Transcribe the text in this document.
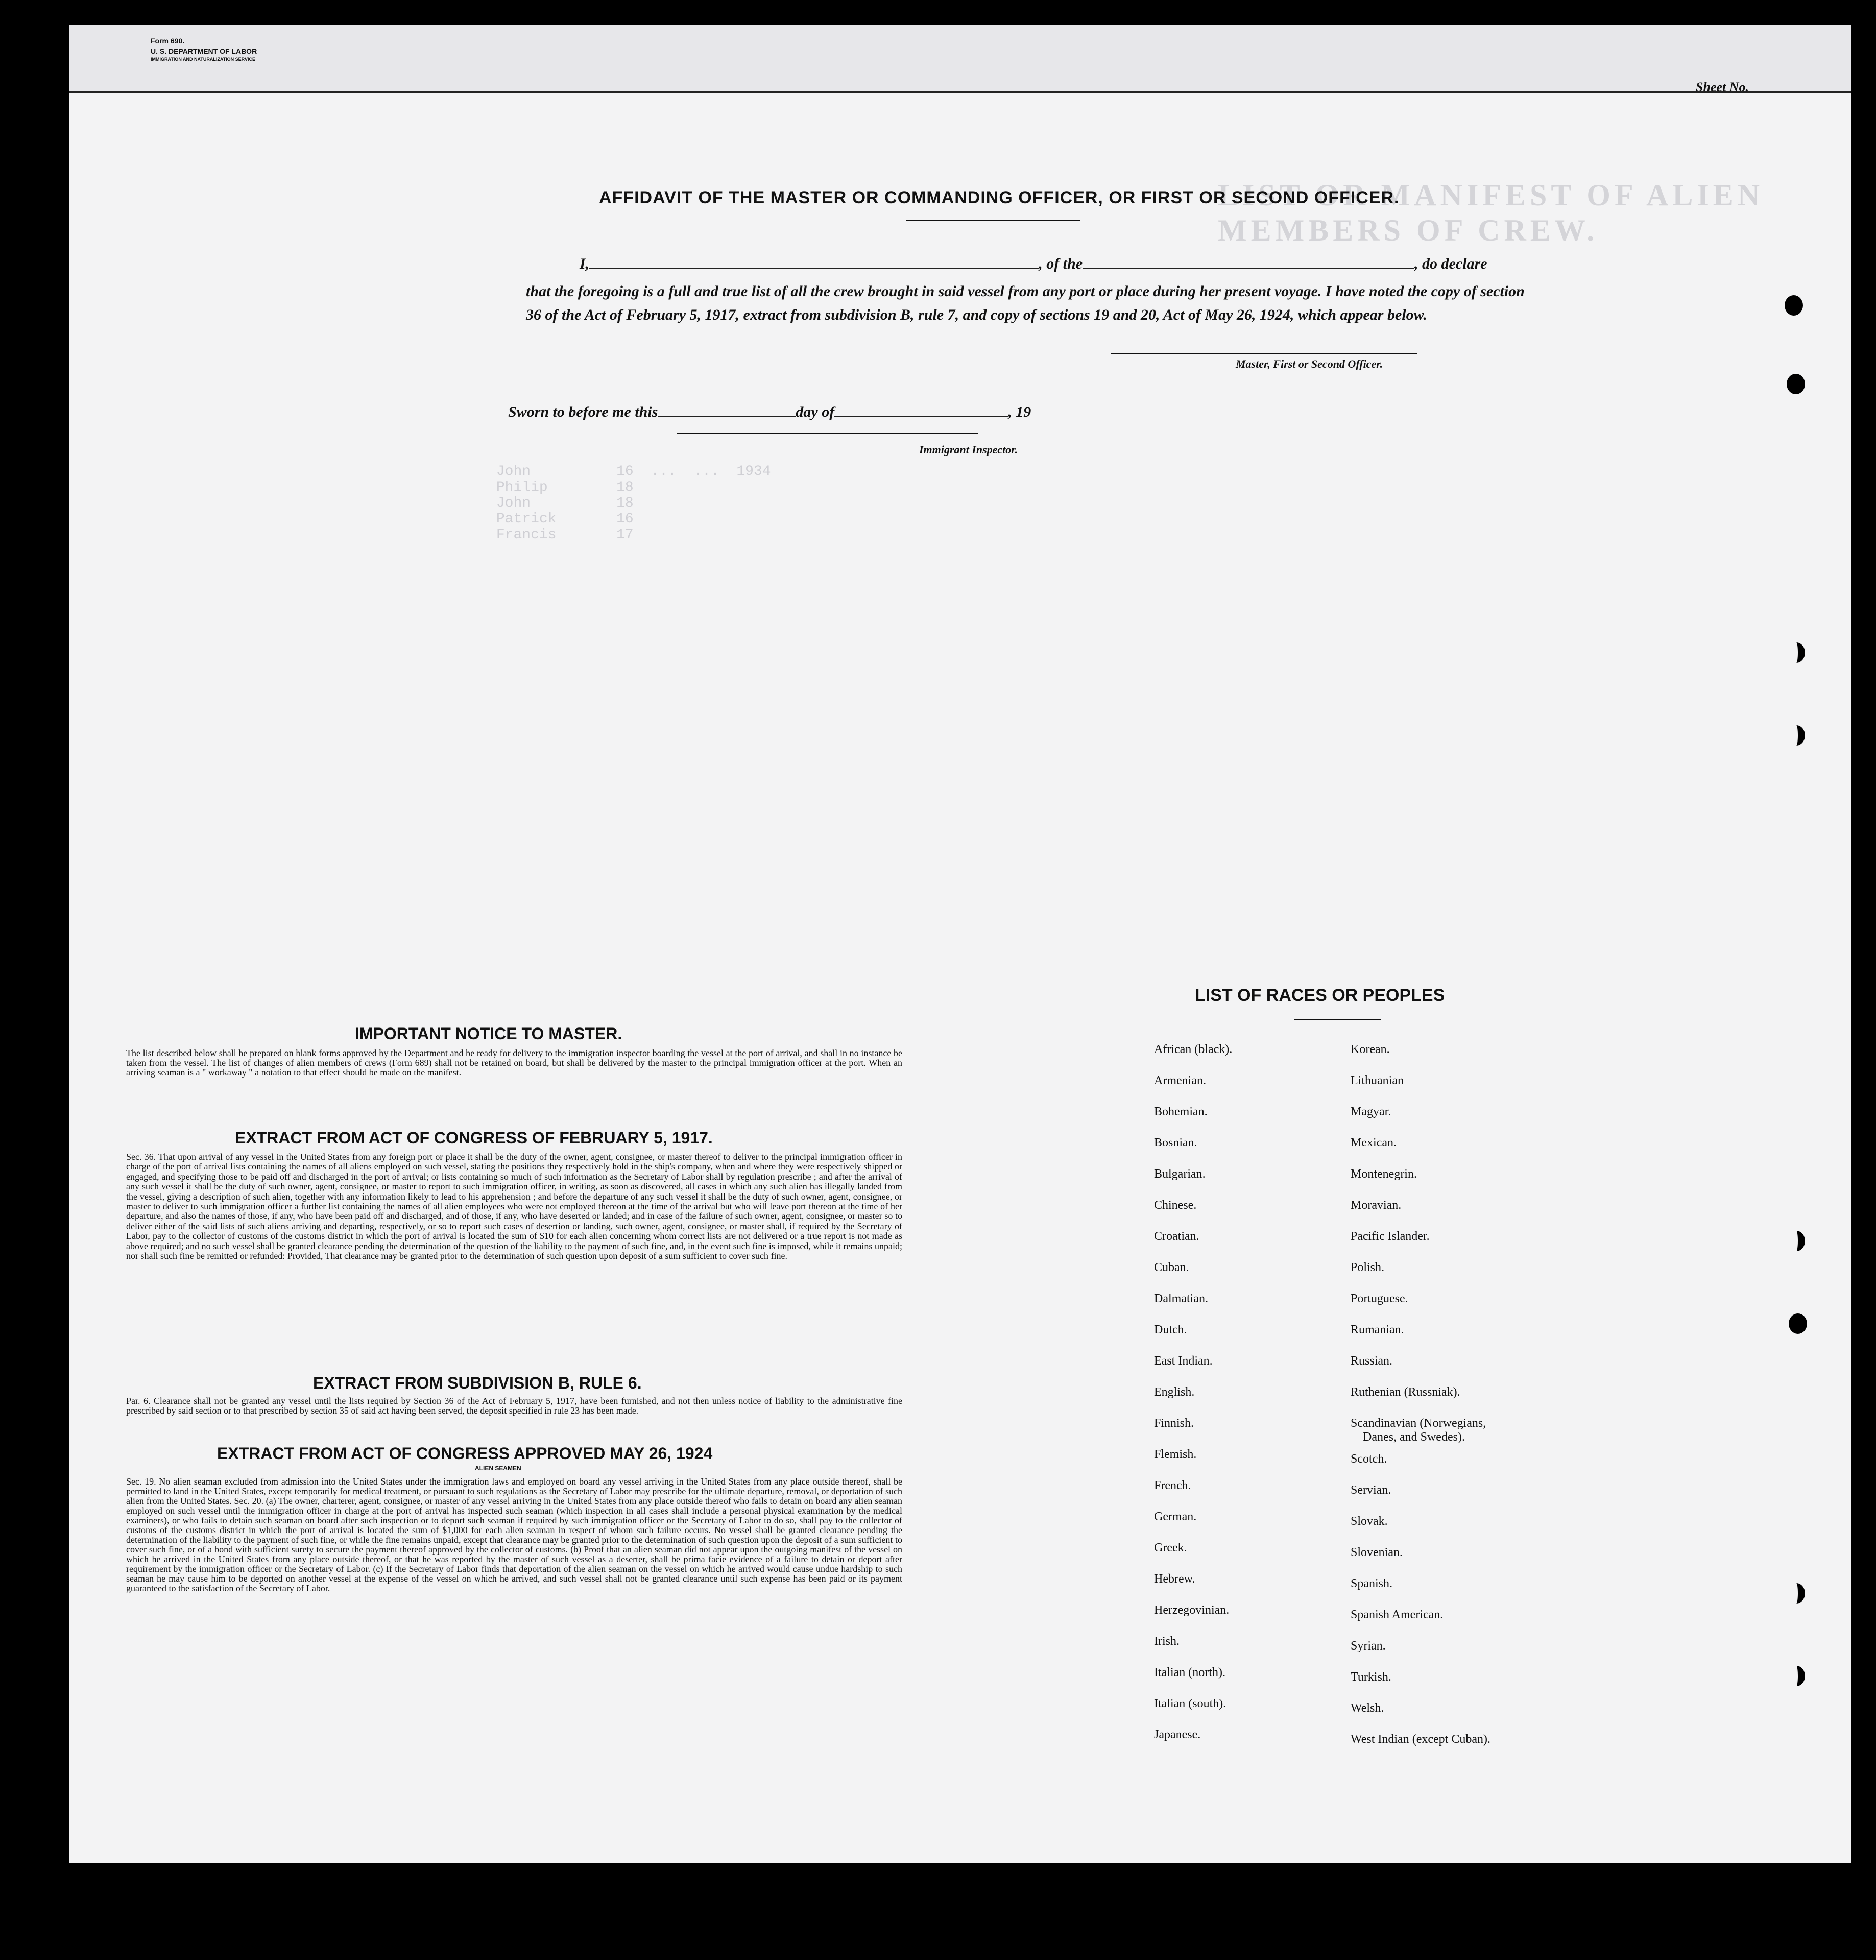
Form 690.
U. S. DEPARTMENT OF LABOR
IMMIGRATION AND NATURALIZATION SERVICE
Sheet No.
LIST OR MANIFEST OF ALIEN MEMBERS OF CREW.
John          16  ...  ...  1934
Philip        18
John          18
Patrick       16
Francis       17
AFFIDAVIT OF THE MASTER OR COMMANDING OFFICER, OR FIRST OR SECOND OFFICER.
I,	, of the	, do declare
that the foregoing is a full and true list of all the crew brought in said vessel from any port or place during her present voyage. I have noted the copy of section 36 of the Act of February 5, 1917, extract from subdivision B, rule 7, and copy of sections 19 and 20, Act of May 26, 1924, which appear below.
Master, First or Second Officer.
Sworn to before me this	day of	, 19
Immigrant Inspector.
IMPORTANT NOTICE TO MASTER.
The list described below shall be prepared on blank forms approved by the Department and be ready for delivery to the immigration inspector boarding the vessel at the port of arrival, and shall in no instance be taken from the vessel. The list of changes of alien members of crews (Form 689) shall not be retained on board, but shall be delivered by the master to the principal immigration officer at the port. When an arriving seaman is a " workaway " a notation to that effect should be made on the manifest.
EXTRACT FROM ACT OF CONGRESS OF FEBRUARY 5, 1917.
Sec. 36. That upon arrival of any vessel in the United States from any foreign port or place it shall be the duty of the owner, agent, consignee, or master thereof to deliver to the principal immigration officer in charge of the port of arrival lists containing the names of all aliens employed on such vessel, stating the positions they respectively hold in the ship's company, when and where they were respectively shipped or engaged, and specifying those to be paid off and discharged in the port of arrival; or lists containing so much of such information as the Secretary of Labor shall by regulation prescribe ; and after the arrival of any such vessel it shall be the duty of such owner, agent, consignee, or master to report to such immigration officer, in writing, as soon as discovered, all cases in which any such alien has illegally landed from the vessel, giving a description of such alien, together with any information likely to lead to his apprehension ; and before the departure of any such vessel it shall be the duty of such owner, agent, consignee, or master to deliver to such immigration officer a further list containing the names of all alien employees who were not employed thereon at the time of the arrival but who will leave port thereon at the time of her departure, and also the names of those, if any, who have been paid off and discharged, and of those, if any, who have deserted or landed; and in case of the failure of such owner, agent, consignee, or master so to deliver either of the said lists of such aliens arriving and departing, respectively, or so to report such cases of desertion or landing, such owner, agent, consignee, or master shall, if required by the Secretary of Labor, pay to the collector of customs of the customs district in which the port of arrival is located the sum of $10 for each alien concerning whom correct lists are not delivered or a true report is not made as above required; and no such vessel shall be granted clearance pending the determination of the question of the liability to the payment of such fine, and, in the event such fine is imposed, while it remains unpaid; nor shall such fine be remitted or refunded: Provided, That clearance may be granted prior to the determination of such question upon deposit of a sum sufficient to cover such fine.
EXTRACT FROM SUBDIVISION B, RULE 6.
Par. 6. Clearance shall not be granted any vessel until the lists required by Section 36 of the Act of February 5, 1917, have been furnished, and not then unless notice of liability to the administrative fine prescribed by said section or to that prescribed by section 35 of said act having been served, the deposit specified in rule 23 has been made.
EXTRACT FROM ACT OF CONGRESS APPROVED MAY 26, 1924
ALIEN SEAMEN
Sec. 19. No alien seaman excluded from admission into the United States under the immigration laws and employed on board any vessel arriving in the United States from any place outside thereof, shall be permitted to land in the United States, except temporarily for medical treatment, or pursuant to such regulations as the Secretary of Labor may prescribe for the ultimate departure, removal, or deportation of such alien from the United States. Sec. 20. (a) The owner, charterer, agent, consignee, or master of any vessel arriving in the United States from any place outside thereof who fails to detain on board any alien seaman employed on such vessel until the immigration officer in charge at the port of arrival has inspected such seaman (which inspection in all cases shall include a personal physical examination by the medical examiners), or who fails to detain such seaman on board after such inspection or to deport such seaman if required by such immigration officer or the Secretary of Labor to do so, shall pay to the collector of customs of the customs district in which the port of arrival is located the sum of $1,000 for each alien seaman in respect of whom such failure occurs. No vessel shall be granted clearance pending the determination of the liability to the payment of such fine, or while the fine remains unpaid, except that clearance may be granted prior to the determination of such question upon the deposit of a sum sufficient to cover such fine, or of a bond with sufficient surety to secure the payment thereof approved by the collector of customs. (b) Proof that an alien seaman did not appear upon the outgoing manifest of the vessel on which he arrived in the United States from any place outside thereof, or that he was reported by the master of such vessel as a deserter, shall be prima facie evidence of a failure to detain or deport after requirement by the immigration officer or the Secretary of Labor. (c) If the Secretary of Labor finds that deportation of the alien seaman on the vessel on which he arrived would cause undue hardship to such seaman he may cause him to be deported on another vessel at the expense of the vessel on which he arrived, and such vessel shall not be granted clearance until such expense has been paid or its payment guaranteed to the satisfaction of the Secretary of Labor.
LIST OF RACES OR PEOPLES
African (black).
Armenian.
Bohemian.
Bosnian.
Bulgarian.
Chinese.
Croatian.
Cuban.
Dalmatian.
Dutch.
East Indian.
English.
Finnish.
Flemish.
French.
German.
Greek.
Hebrew.
Herzegovinian.
Irish.
Italian (north).
Italian (south).
Japanese.
Korean.
Lithuanian
Magyar.
Mexican.
Montenegrin.
Moravian.
Pacific Islander.
Polish.
Portuguese.
Rumanian.
Russian.
Ruthenian (Russniak).
Scandinavian (Norwegians,
Danes, and Swedes).
Scotch.
Servian.
Slovak.
Slovenian.
Spanish.
Spanish American.
Syrian.
Turkish.
Welsh.
West Indian (except Cuban).
